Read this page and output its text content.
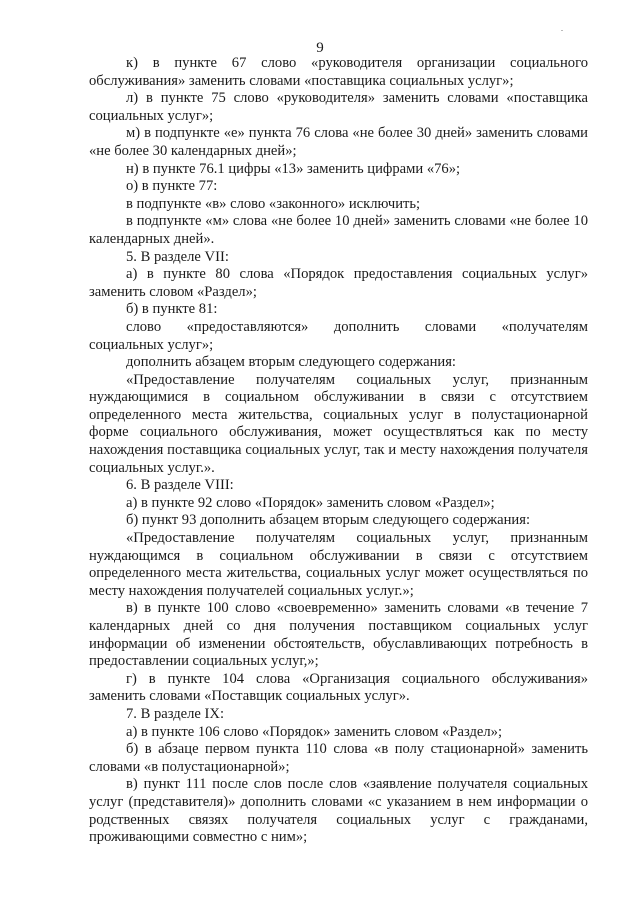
9

к) в пункте 67 слово «руководителя организации социального обслуживания» заменить словами «поставщика социальных услуг»;

л) в пункте 75 слово «руководителя» заменить словами «поставщика социальных услуг»;

м) в подпункте «е» пункта 76 слова «не более 30 дней» заменить словами «не более 30 календарных дней»;

н) в пункте 76.1 цифры «13» заменить цифрами «76»;

о) в пункте 77:

в подпункте «в» слово «законного» исключить;

в подпункте «м» слова «не более 10 дней» заменить словами «не более 10 календарных дней».

5. В разделе VII:

а) в пункте 80 слова «Порядок предоставления социальных услуг» заменить словом «Раздел»;

б) в пункте 81:

слово «предоставляются» дополнить словами «получателям
социальных услуг»;

дополнить абзацем вторым следующего содержания:

«Предоставление получателям социальных услуг, признанным нуждающимися в социальном обслуживании в связи с отсутствием определенного места жительства, социальных услуг в полустационарной форме социального обслуживания, может осуществляться как по месту нахождения поставщика социальных услуг, так и месту нахождения получателя социальных услуг.».

6. В разделе VIII:

а) в пункте 92 слово «Порядок» заменить словом «Раздел»;

б) пункт 93 дополнить абзацем вторым следующего содержания:

«Предоставление получателям социальных услуг, признанным нуждающимся в социальном обслуживании в связи с отсутствием определенного места жительства, социальных услуг может осуществляться по месту нахождения получателей социальных услуг.»;

в) в пункте 100 слово «своевременно» заменить словами «в течение 7 календарных дней со дня получения поставщиком социальных услуг информации об изменении обстоятельств, обуславливающих потребность в предоставлении социальных услуг,»;

г) в пункте 104 слова «Организация социального обслуживания» заменить словами «Поставщик социальных услуг».

7. В разделе IX:

а) в пункте 106 слово «Порядок» заменить словом «Раздел»;

б) в абзаце первом пункта 110 слова «в полу стационарной» заменить словами «в полустационарной»;

в) пункт 111 после слов после слов «заявление получателя социальных услуг (представителя)» дополнить словами «с указанием в нем информации о родственных связях получателя социальных услуг с гражданами, проживающими совместно с ним»;
